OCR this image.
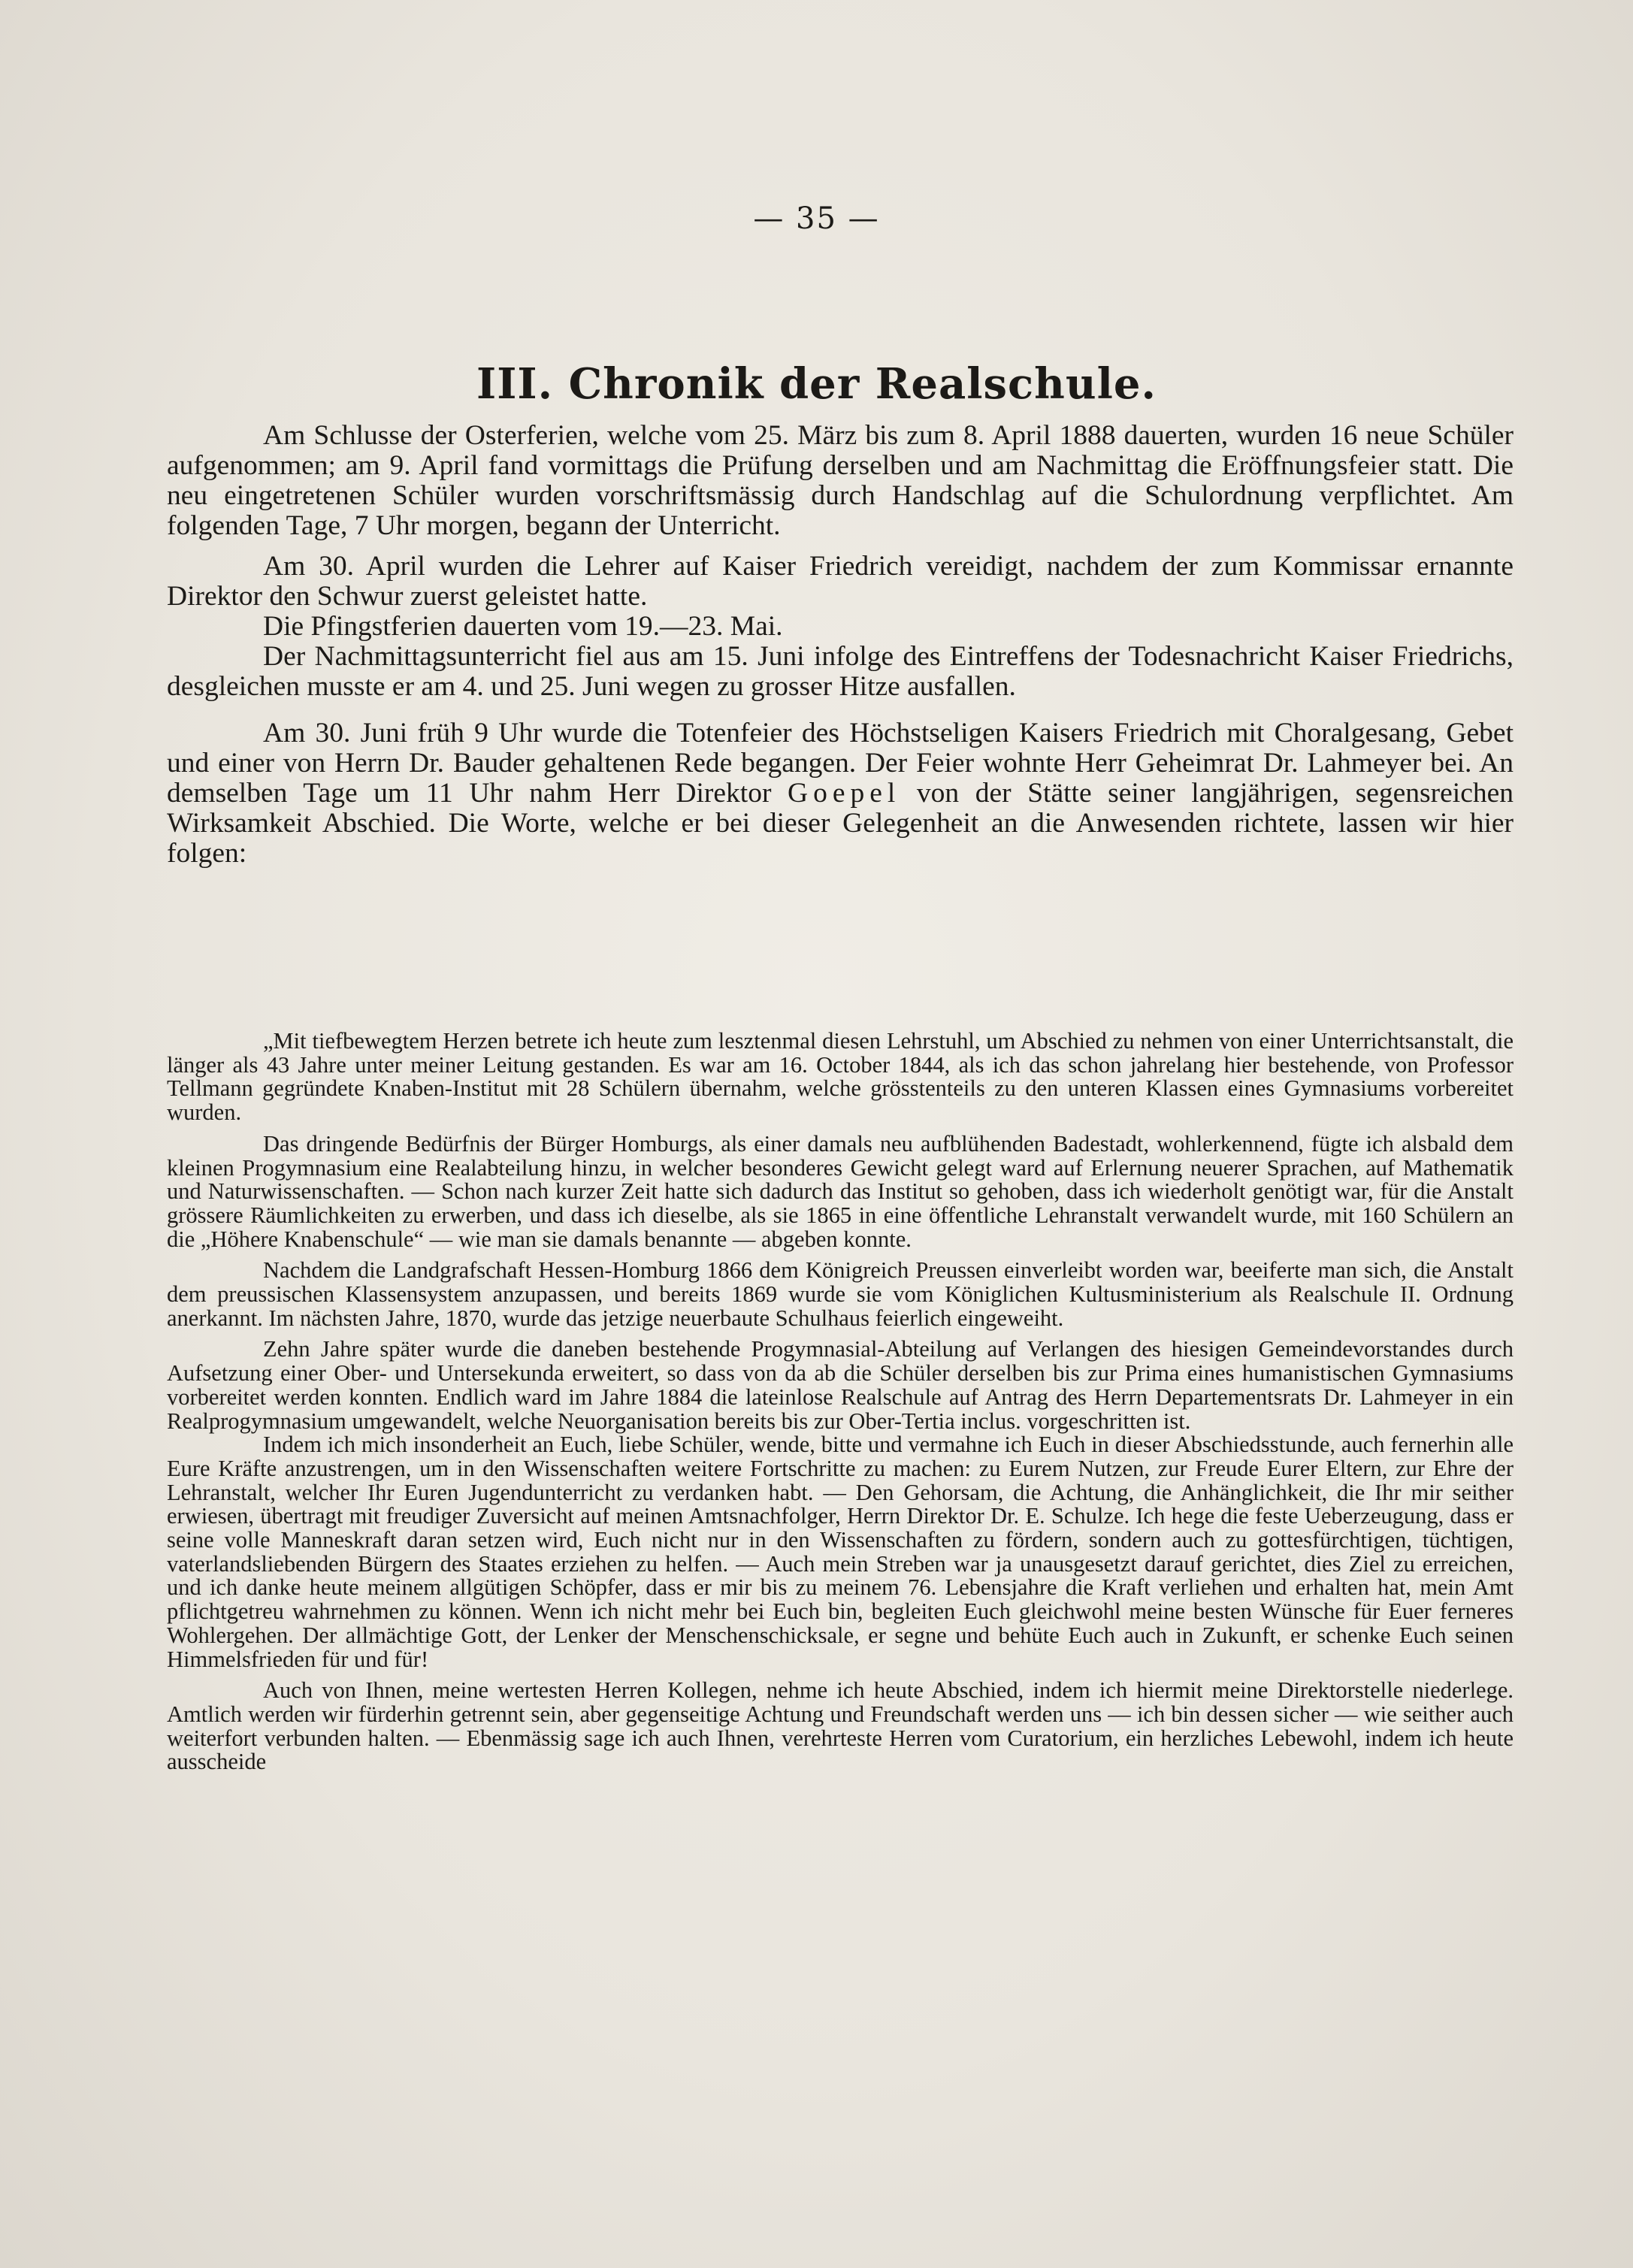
— 35 —
III. Chronik der Realschule.

Am Schlusse der Osterferien, welche vom 25. März bis zum 8. April 1888 dauerten, wurden 16 neue Schüler aufgenommen; am 9. April fand vormittags die Prüfung derselben und am Nachmittag die Eröffnungsfeier statt. Die neu eingetretenen Schüler wurden vorschriftsmässig durch Handschlag auf die Schulordnung verpflichtet. Am folgenden Tage, 7 Uhr morgen, begann der Unterricht.

Am 30. April wurden die Lehrer auf Kaiser Friedrich vereidigt, nachdem der zum Kommissar ernannte Direktor den Schwur zuerst geleistet hatte.

Die Pfingstferien dauerten vom 19.—23. Mai.

Der Nachmittagsunterricht fiel aus am 15. Juni infolge des Eintreffens der Todesnachricht Kaiser Friedrichs, desgleichen musste er am 4. und 25. Juni wegen zu grosser Hitze ausfallen.

Am 30. Juni früh 9 Uhr wurde die Totenfeier des Höchstseligen Kaisers Friedrich mit Choralgesang, Gebet und einer von Herrn Dr. Bauder gehaltenen Rede begangen. Der Feier wohnte Herr Geheimrat Dr. Lahmeyer bei. An demselben Tage um 11 Uhr nahm Herr Direktor Goepel von der Stätte seiner langjährigen, segensreichen Wirksamkeit Abschied. Die Worte, welche er bei dieser Gelegenheit an die Anwesenden richtete, lassen wir hier folgen:

„Mit tiefbewegtem Herzen betrete ich heute zum lesztenmal diesen Lehrstuhl, um Abschied zu nehmen von einer Unterrichtsanstalt, die länger als 43 Jahre unter meiner Leitung gestanden. Es war am 16. October 1844, als ich das schon jahrelang hier bestehende, von Professor Tellmann gegründete Knaben-Institut mit 28 Schülern übernahm, welche grösstenteils zu den unteren Klassen eines Gymnasiums vorbereitet wurden.

Das dringende Bedürfnis der Bürger Homburgs, als einer damals neu aufblühenden Badestadt, wohlerkennend, fügte ich alsbald dem kleinen Progymnasium eine Realabteilung hinzu, in welcher besonderes Gewicht gelegt ward auf Erlernung neuerer Sprachen, auf Mathematik und Naturwissenschaften. — Schon nach kurzer Zeit hatte sich dadurch das Institut so gehoben, dass ich wiederholt genötigt war, für die Anstalt grössere Räumlichkeiten zu erwerben, und dass ich dieselbe, als sie 1865 in eine öffentliche Lehranstalt verwandelt wurde, mit 160 Schülern an die „Höhere Knabenschule“ — wie man sie damals benannte — abgeben konnte.

Nachdem die Landgrafschaft Hessen-Homburg 1866 dem Königreich Preussen einverleibt worden war, beeiferte man sich, die Anstalt dem preussischen Klassensystem anzupassen, und bereits 1869 wurde sie vom Königlichen Kultusministerium als Realschule II. Ordnung anerkannt. Im nächsten Jahre, 1870, wurde das jetzige neuerbaute Schulhaus feierlich eingeweiht.

Zehn Jahre später wurde die daneben bestehende Progymnasial-Abteilung auf Verlangen des hiesigen Gemeindevorstandes durch Aufsetzung einer Ober- und Untersekunda erweitert, so dass von da ab die Schüler derselben bis zur Prima eines humanistischen Gymnasiums vorbereitet werden konnten. Endlich ward im Jahre 1884 die lateinlose Realschule auf Antrag des Herrn Departementsrats Dr. Lahmeyer in ein Realprogymnasium umgewandelt, welche Neuorganisation bereits bis zur Ober-Tertia inclus. vorgeschritten ist.

Indem ich mich insonderheit an Euch, liebe Schüler, wende, bitte und vermahne ich Euch in dieser Abschiedsstunde, auch fernerhin alle Eure Kräfte anzustrengen, um in den Wissenschaften weitere Fortschritte zu machen: zu Eurem Nutzen, zur Freude Eurer Eltern, zur Ehre der Lehranstalt, welcher Ihr Euren Jugendunterricht zu verdanken habt. — Den Gehorsam, die Achtung, die Anhänglichkeit, die Ihr mir seither erwiesen, übertragt mit freudiger Zuversicht auf meinen Amtsnachfolger, Herrn Direktor Dr. E. Schulze. Ich hege die feste Ueberzeugung, dass er seine volle Manneskraft daran setzen wird, Euch nicht nur in den Wissenschaften zu fördern, sondern auch zu gottesfürchtigen, tüchtigen, vaterlandsliebenden Bürgern des Staates erziehen zu helfen. — Auch mein Streben war ja unausgesetzt darauf gerichtet, dies Ziel zu erreichen, und ich danke heute meinem allgütigen Schöpfer, dass er mir bis zu meinem 76. Lebensjahre die Kraft verliehen und erhalten hat, mein Amt pflichtgetreu wahrnehmen zu können. Wenn ich nicht mehr bei Euch bin, begleiten Euch gleichwohl meine besten Wünsche für Euer ferneres Wohlergehen. Der allmächtige Gott, der Lenker der Menschenschicksale, er segne und behüte Euch auch in Zukunft, er schenke Euch seinen Himmelsfrieden für und für!

Auch von Ihnen, meine wertesten Herren Kollegen, nehme ich heute Abschied, indem ich hiermit meine Direktorstelle niederlege. Amtlich werden wir fürderhin getrennt sein, aber gegenseitige Achtung und Freundschaft werden uns — ich bin dessen sicher — wie seither auch weiterfort verbunden halten. — Ebenmässig sage ich auch Ihnen, verehrteste Herren vom Curatorium, ein herzliches Lebewohl, indem ich heute ausscheide
